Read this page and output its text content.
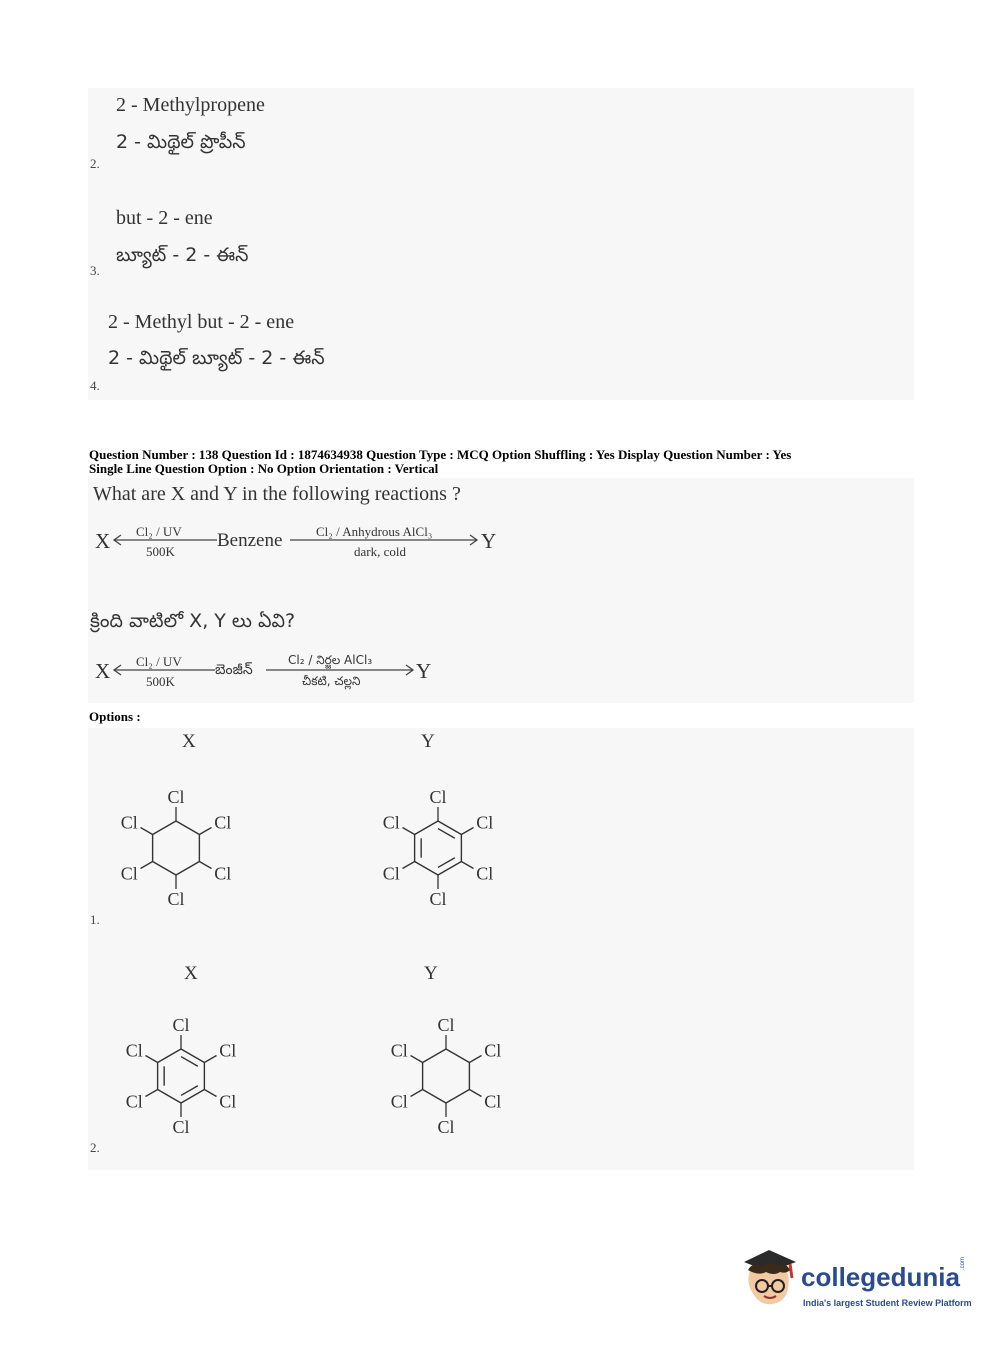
2 - Methylpropene
2 - మిథైల్ ప్రొపీన్
2.
but - 2 - ene
బ్యూట్ - 2 - ఈన్
3.
2 - Methyl but - 2 - ene
2 - మిథైల్ బ్యూట్ - 2 - ఈన్
4.
Question Number : 138 Question Id : 1874634938 Question Type : MCQ Option Shuffling : Yes Display Question Number : Yes
Single Line Question Option : No Option Orientation : Vertical
What are X and Y in the following reactions ?
X Cl₂ / UV
500K
Benzene	Cl₂ / Anhydrous AlCl₃
dark, cold	Y
క్రింది వాటిలో X, Y లు ఏవి?
X Cl₂ / UV
500K
బెంజీన్
Cl₂ / నిర్జల AlCl₃
చీకటి, చల్లని	Y
Options :
X	Y
Cl
Cl
Cl
Cl
Cl
Cl
Cl
Cl
Cl
Cl
Cl
Cl
1.
X	Y
Cl
Cl
Cl
Cl
Cl
Cl
Cl
Cl
Cl
Cl
Cl
Cl
2.
collegedunia .com
India's largest Student Review Platform
